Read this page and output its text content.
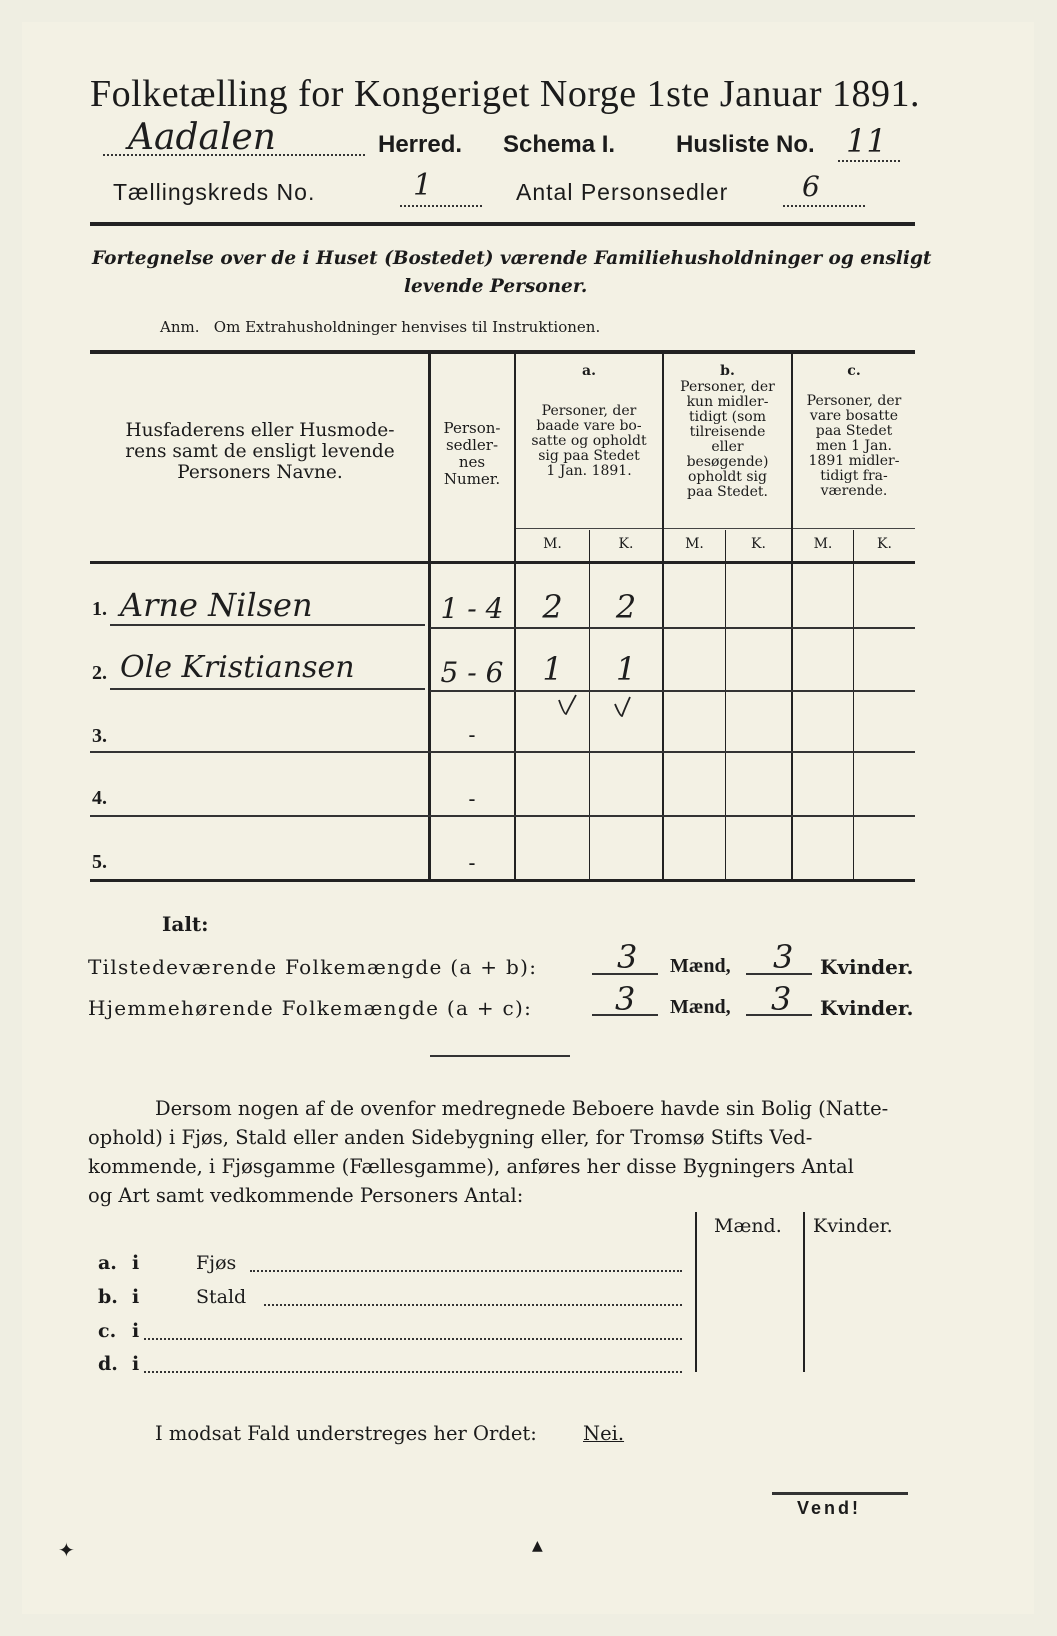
Folketælling for Kongeriget Norge 1ste Januar 1891.
Aadalen	Herred. Schema I.	Husliste No. 11
Tællingskreds No.	1	Antal Personsedler	6
Fortegnelse over de i Huset (Bostedet) værende Familiehusholdninger og ensligt
levende Personer.
Anm.   Om Extrahusholdninger henvises til Instruktionen.
Husfaderens eller Husmode-
rens samt de ensligt levende
Personers Navne.
Person-
sedler-
nes
Numer.
a.
Personer, der
baade vare bo-
satte og opholdt
sig paa Stedet
1 Jan. 1891.
b.
Personer, der
kun midler-
tidigt (som
tilreisende
eller
besøgende)
opholdt sig
paa Stedet.
c.
Personer, der
vare bosatte
paa Stedet
men 1 Jan.
1891 midler-
tidigt fra-
værende.
M.	K.	M.	K.	M.	K.
1. Arne Nilsen	1 - 4	2	2
2. Ole Kristiansen	5 - 6	1	1
3.	-
4.	-
5.	-
Ialt:
Tilstedeværende Folkemængde (a + b): 3 Mænd, 3 Kvinder.
Hjemmehørende Folkemængde (a + c):	3 Mænd, 3 Kvinder.
Dersom nogen af de ovenfor medregnede Beboere havde sin Bolig (Natte-
ophold) i Fjøs, Stald eller anden Sidebygning eller, for Tromsø Stifts Ved-
kommende, i Fjøsgamme (Fællesgamme), anføres her disse Bygningers Antal
og Art samt vedkommende Personers Antal:
Mænd. Kvinder.
a. i	Fjøs
b. i	Stald
c. i
d. i
I modsat Fald understreges her Ordet: Nei.
Vend!
✦	▲
